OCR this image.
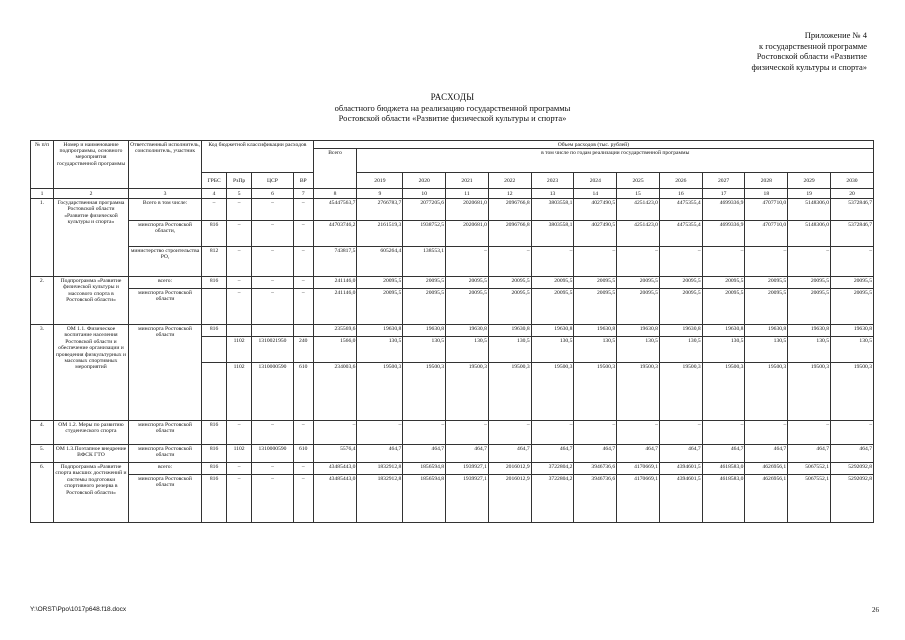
Приложение № 4
к государственной программе
Ростовской области «Развитие
физической культуры и спорта»
РАСХОДЫ
областного бюджета на реализацию государственной программы
Ростовской области «Развитие физической культуры и спорта»
№ п/п	Номер и наименование подпрограммы, основного мероприятия государственной программы	Ответственный исполнитель, соисполнитель, участник	Код бюджетной классификации расходов				Объем расходов (тыс. рублей)												
							Всего	в том числе по годам реализации государственной программы											
			ГРБС	РзПр	ЦСР	ВР		2019	2020	2021	2022	2023	2024	2025	2026	2027	2028	2029	2030
1	2	3	4	5	6	7	8	9	10	11	12	13	14	15	16	17	18	19	20
1.	Государственная программа Ростовской области «Развитие физической культуры и спорта»	Всего в том числе:	–	–	–	–	45447563,7	2766783,7	2077205,6	2020681,0	2096766,8	3803558,1	4027490,5	4251423,0	4475355,4	4699336,9	4707710,0	5148306,0	5372846,7
		минспорта Ростовской области,	816	–	–	–	44703746,2	2161519,3	1938752,5	2020681,0	2096766,8	3803558,1	4027490,5	4251423,0	4475355,4	4699336,9	4707710,0	5148306,0	5372846,7
		министерство строительства РО,	812	–	–	–	743817,5	605264,4	138553,1	–	–	–	–	–	–	–	–	–	–
2.	Подпрограмма «Развитие физической культуры и массового спорта в Ростовской области»	всего:	816	–	–	–	241146,0	20095,5	20095,5	20095,5	20095,5	20095,5	20095,5	20095,5	20095,5	20095,5	20095,5	20095,5	20095,5
		минспорта Ростовской области		–	–	–	241146,0	20095,5	20095,5	20095,5	20095,5	20095,5	20095,5	20095,5	20095,5	20095,5	20095,5	20095,5	20095,5
3.	ОМ 1.1. Физическое воспитание населения Ростовской области и обеспечение организации и проведения физкультурных и массовых спортивных мероприятий	минспорта Ростовской области	816				235569,6	19630,8	19630,8	19630,8	19630,8	19630,8	19630,8	19630,8	19630,8	19630,8	19630,8	19630,8	19630,8
				1102	1310021950	240	1566,0	130,5	130,5	130,5	130,5	130,5	130,5	130,5	130,5	130,5	130,5	130,5	130,5
				1102	1310000590	610	234003,6	19500,3	19500,3	19500,3	19500,3	19500,3	19500,3	19500,3	19500,3	19500,3	19500,3	19500,3	19500,3
4.	ОМ 1.2. Меры по развитию студенческого спорта	минспорта Ростовской области	816	–	–	–	–	–	–	–	–	–	–	–	–	–	–	–	–
5.	ОМ 1.3.Поэтапное внедрение ВФСК ГТО	минспорта Ростовской области	816	1102	1310000590	610	5576,4	464,7	464,7	464,7	464,7	464,7	464,7	464,7	464,7	464,7	464,7	464,7	464,7
6.	Подпрограмма «Развитие спорта высших достижений и системы подготовки спортивного резерва в Ростовской области»	всего:	816	–	–	–	43485443,0	1832912,8	1856594,8	1939927,1	2016012,9	3722804,2	3946736,6	4170669,1	4394601,5	4618583,0	4626956,1	5067552,1	5292092,8
		минспорта Ростовской области	816	–	–	–	43485443,0	1832912,8	1856594,8	1939927,1	2016012,9	3722804,2	3946736,6	4170669,1	4394601,5	4618583,0	4626956,1	5067552,1	5292092,8
Y:\ORST\Ppo\1017p648.f18.docx	26
